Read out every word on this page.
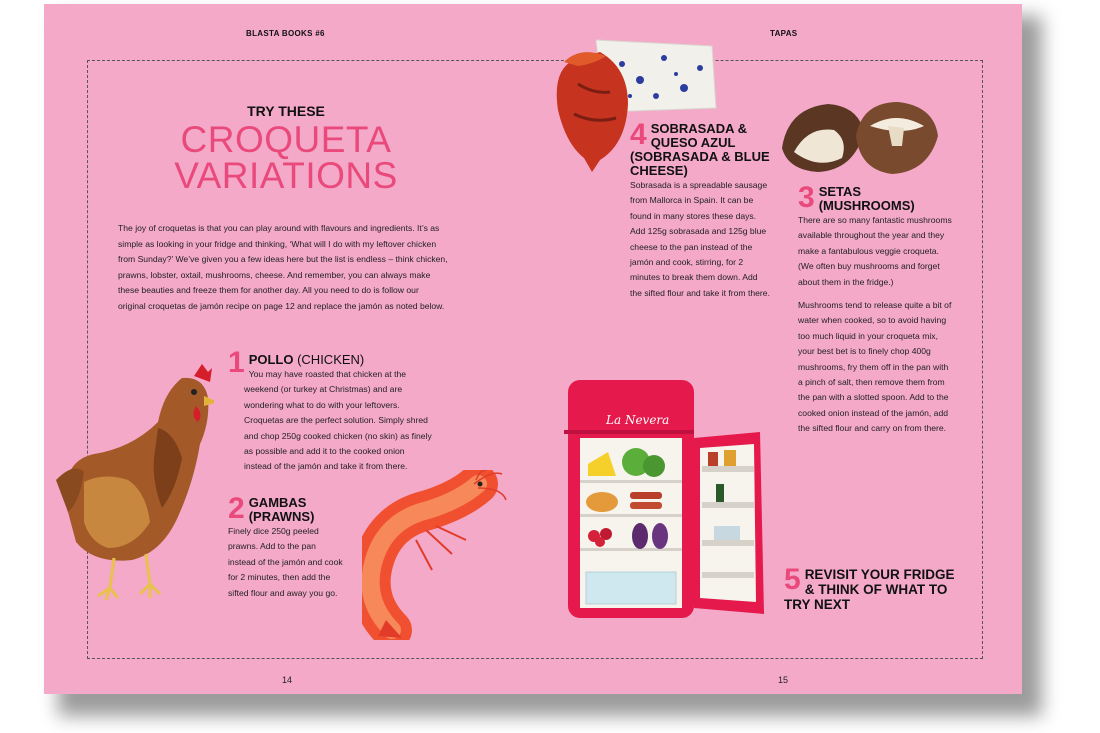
BLASTA BOOKS #6	TAPAS
TRY THESE
CROQUETA
VARIATIONS
The joy of croquetas is that you can play around with flavours and ingredients. It’s as simple as looking in your fridge and thinking, ‘What will I do with my leftover chicken from Sunday?’ We’ve given you a few ideas here but the list is endless – think chicken, prawns, lobster, oxtail, mushrooms, cheese. And remember, you can always make these beauties and freeze them for another day. All you need to do is follow our original croquetas de jamón recipe on page 12 and replace the jamón as noted below.
1 POLLO (CHICKEN)
You may have roasted that chicken at the weekend (or turkey at Christmas) and are wondering what to do with your leftovers. Croquetas are the perfect solution. Simply shred and chop 250g cooked chicken (no skin) as finely as possible and add it to the cooked onion instead of the jamón and take it from there.
2 GAMBAS
(PRAWNS)
Finely dice 250g peeled prawns. Add to the pan instead of the jamón and cook for 2 minutes, then add the sifted flour and away you go.
4 SOBRASADA & QUESO AZUL
(SOBRASADA & BLUE CHEESE)
Sobrasada is a spreadable sausage from Mallorca in Spain. It can be found in many stores these days. Add 125g sobrasada and 125g blue cheese to the pan instead of the jamón and cook, stirring, for 2 minutes to break them down. Add the sifted flour and take it from there.
3 SETAS
(MUSHROOMS)
There are so many fantastic mushrooms available throughout the year and they make a fantabulous veggie croqueta. (We often buy mushrooms and forget about them in the fridge.)
Mushrooms tend to release quite a bit of water when cooked, so to avoid having too much liquid in your croqueta mix, your best bet is to finely chop 400g mushrooms, fry them off in the pan with a pinch of salt, then remove them from the pan with a slotted spoon. Add to the cooked onion instead of the jamón, add the sifted flour and carry on from there.
5 REVISIT YOUR FRIDGE & THINK OF WHAT TO TRY NEXT
La Nevera
14	15
